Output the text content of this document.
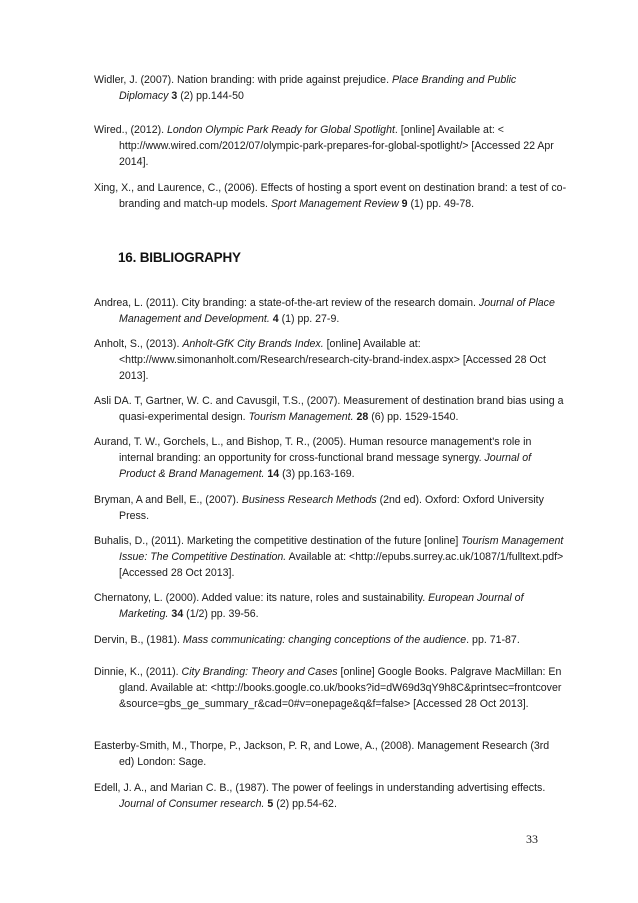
Widler, J. (2007). Nation branding: with pride against prejudice. Place Branding and Public Diplomacy 3 (2) pp.144-50

Wired., (2012). London Olympic Park Ready for Global Spotlight. [online] Available at: < http://www.wired.com/2012/07/olympic-park-prepares-for-global-spotlight/> [Accessed 22 Apr 2014].

Xing, X., and Laurence, C., (2006). Effects of hosting a sport event on destination brand: a test of co-branding and match-up models. Sport Management Review 9 (1) pp. 49-78.

16. BIBLIOGRAPHY

Andrea, L. (2011). City branding: a state-of-the-art review of the research domain. Journal of Place Management and Development. 4 (1) pp. 27-9.

Anholt, S., (2013). Anholt-GfK City Brands Index. [online] Available at: <http://www.simonanholt.com/Research/research-city-brand-index.aspx> [Accessed 28 Oct 2013].

Asli DA. T, Gartner, W. C. and Cavusgil, T.S., (2007). Measurement of destination brand bias using a quasi-experimental design. Tourism Management. 28 (6) pp. 1529-1540.

Aurand, T. W., Gorchels, L., and Bishop, T. R., (2005). Human resource management's role in internal branding: an opportunity for cross-functional brand message synergy. Journal of Product & Brand Management. 14 (3) pp.163-169.

Bryman, A and Bell, E., (2007). Business Research Methods (2nd ed). Oxford: Oxford University Press.

Buhalis, D., (2011). Marketing the competitive destination of the future [online] Tourism Management Issue: The Competitive Destination. Available at: <http://epubs.surrey.ac.uk/1087/1/fulltext.pdf> [Accessed 28 Oct 2013].

Chernatony, L. (2000). Added value: its nature, roles and sustainability. European Journal of Marketing. 34 (1/2) pp. 39-56.

Dervin, B., (1981). Mass communicating: changing conceptions of the audience. pp. 71-87.

Dinnie, K., (2011). City Branding: Theory and Cases [online] Google Books. Palgrave MacMillan: England. Available at: <http://books.google.co.uk/books?id=dW69d3qY9h8C&printsec=frontcover&source=gbs_ge_summary_r&cad=0#v=onepage&q&f=false> [Accessed 28 Oct 2013].

Easterby-Smith, M., Thorpe, P., Jackson, P. R, and Lowe, A., (2008). Management Research (3rd ed) London: Sage.

Edell, J. A., and Marian C. B., (1987). The power of feelings in understanding advertising effects. Journal of Consumer research. 5 (2) pp.54-62.

33
